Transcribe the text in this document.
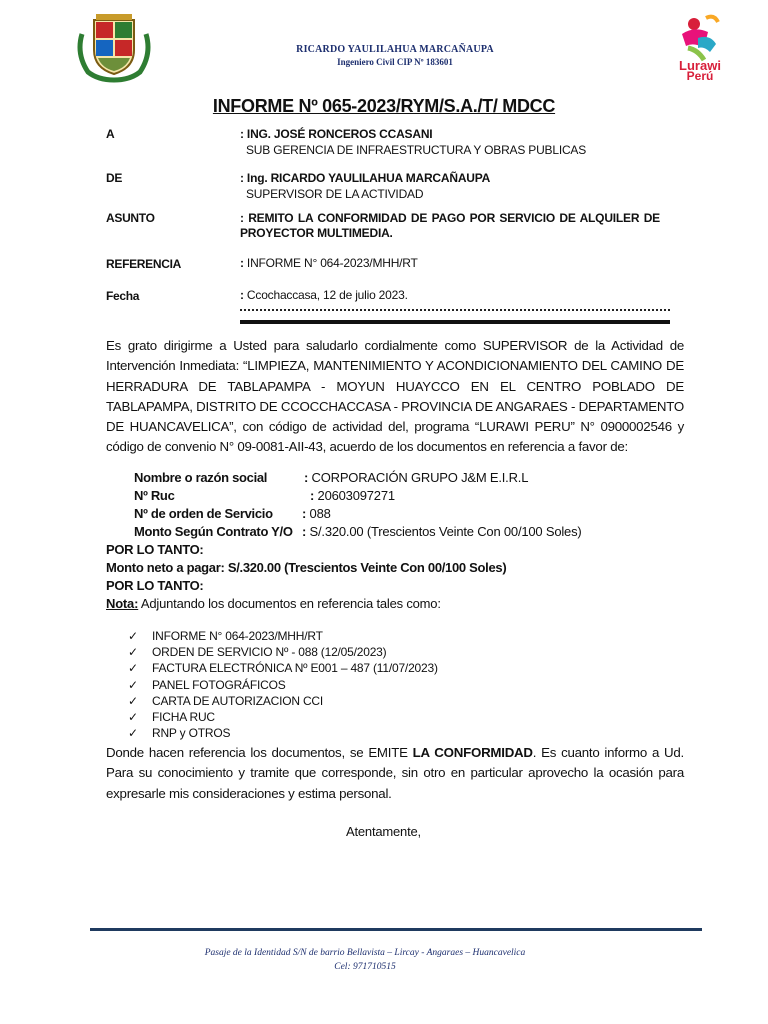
RICARDO YAULILAHUA MARCAÑAUPA
Ingeniero Civil CIP Nº 183601	Lurawi
Perú
INFORME Nº 065-2023/RYM/S.A./T/ MDCC
A	: ING. JOSÉ RONCEROS CCASANI
SUB GERENCIA DE INFRAESTRUCTURA Y OBRAS PUBLICAS
DE	: Ing. RICARDO YAULILAHUA MARCAÑAUPA
SUPERVISOR DE LA ACTIVIDAD
ASUNTO	: REMITO LA CONFORMIDAD DE PAGO POR SERVICIO DE ALQUILER DE PROYECTOR MULTIMEDIA.
REFERENCIA	: INFORME N° 064-2023/MHH/RT
Fecha	: Ccochaccasa, 12 de julio 2023.
Es grato dirigirme a Usted para saludarlo cordialmente como SUPERVISOR de la Actividad de Intervención Inmediata: “LIMPIEZA, MANTENIMIENTO Y ACONDICIONAMIENTO DEL CAMINO DE HERRADURA DE TABLAPAMPA - MOYUN HUAYCCO EN EL CENTRO POBLADO DE TABLAPAMPA, DISTRITO DE CCOCCHACCASA - PROVINCIA DE ANGARAES - DEPARTAMENTO DE HUANCAVELICA”, con código de actividad del, programa “LURAWI PERU” N° 0900002546 y código de convenio N° 09-0081-AII-43, acuerdo de los documentos en referencia a favor de:
Nombre o razón social	: CORPORACIÓN GRUPO J&M E.I.R.L
Nº Ruc	: 20603097271
Nº de orden de Servicio : 088
Monto Según Contrato Y/O : S/.320.00 (Trescientos Veinte Con 00/100 Soles)
POR LO TANTO:
Monto neto a pagar: S/.320.00 (Trescientos Veinte Con 00/100 Soles)
POR LO TANTO:
Nota: Adjuntando los documentos en referencia tales como:
✓ INFORME N° 064-2023/MHH/RT
✓ ORDEN DE SERVICIO Nº - 088 (12/05/2023)
✓ FACTURA ELECTRÓNICA Nº E001 – 487 (11/07/2023)
✓ PANEL FOTOGRÁFICOS
✓ CARTA DE AUTORIZACION CCI
✓ FICHA RUC
✓ RNP y OTROS
Donde hacen referencia los documentos, se EMITE LA CONFORMIDAD. Es cuanto informo a Ud. Para su conocimiento y tramite que corresponde, sin otro en particular aprovecho la ocasión para expresarle mis consideraciones y estima personal.
Atentamente,
Pasaje de la Identidad S/N de barrio Bellavista – Lircay - Angaraes – Huancavelica
Cel: 971710515
